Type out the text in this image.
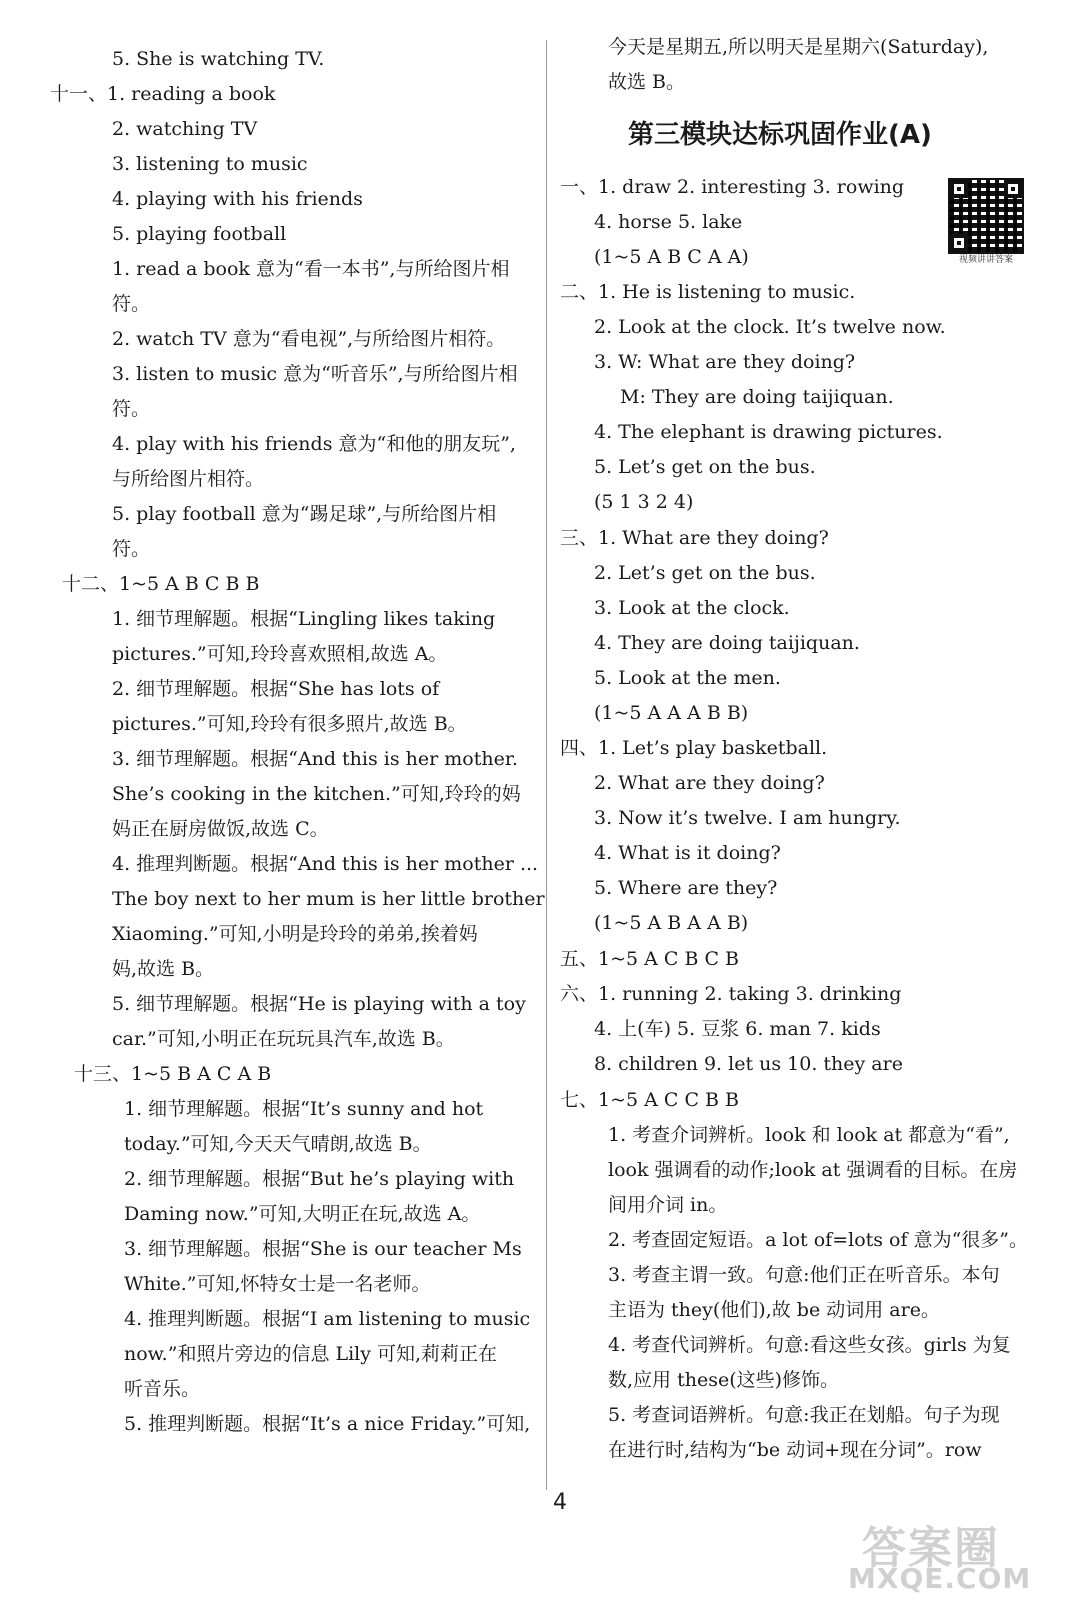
5. She is watching TV.
十一、1. reading a book
2. watching TV
3. listening to music
4. playing with his friends
5. playing football
1. read a book 意为“看一本书”,与所给图片相
符。
2. watch TV 意为“看电视”,与所给图片相符。
3. listen to music 意为“听音乐”,与所给图片相
符。
4. play with his friends 意为“和他的朋友玩”,
与所给图片相符。
5. play football 意为“踢足球”,与所给图片相
符。
十二、1~5 A B C B B
1. 细节理解题。根据“Lingling likes taking
pictures.”可知,玲玲喜欢照相,故选 A。
2. 细节理解题。根据“She has lots of
pictures.”可知,玲玲有很多照片,故选 B。
3. 细节理解题。根据“And this is her mother.
She’s cooking in the kitchen.”可知,玲玲的妈
妈正在厨房做饭,故选 C。
4. 推理判断题。根据“And this is her mother ...
The boy next to her mum is her little brother
Xiaoming.”可知,小明是玲玲的弟弟,挨着妈
妈,故选 B。
5. 细节理解题。根据“He is playing with a toy
car.”可知,小明正在玩玩具汽车,故选 B。
十三、1~5 B A C A B
1. 细节理解题。根据“It’s sunny and hot
today.”可知,今天天气晴朗,故选 B。
2. 细节理解题。根据“But he’s playing with
Daming now.”可知,大明正在玩,故选 A。
3. 细节理解题。根据“She is our teacher Ms
White.”可知,怀特女士是一名老师。
4. 推理判断题。根据“I am listening to music
now.”和照片旁边的信息 Lily 可知,莉莉正在
听音乐。
5. 推理判断题。根据“It’s a nice Friday.”可知,
今天是星期五,所以明天是星期六(Saturday),
故选 B。
第三模块达标巩固作业(A)
一、1. draw 2. interesting 3. rowing
4. horse 5. lake
(1~5 A B C A A)
二、1. He is listening to music.
2. Look at the clock. It’s twelve now.
3. W: What are they doing?
M: They are doing taijiquan.
4. The elephant is drawing pictures.
5. Let’s get on the bus.
(5 1 3 2 4)
三、1. What are they doing?
2. Let’s get on the bus.
3. Look at the clock.
4. They are doing taijiquan.
5. Look at the men.
(1~5 A A A B B)
四、1. Let’s play basketball.
2. What are they doing?
3. Now it’s twelve. I am hungry.
4. What is it doing?
5. Where are they?
(1~5 A B A A B)
五、1~5 A C B C B
六、1. running 2. taking 3. drinking
4. 上(车) 5. 豆浆 6. man 7. kids
8. children 9. let us 10. they are
七、1~5 A C C B B
1. 考查介词辨析。look 和 look at 都意为“看”,
look 强调看的动作;look at 强调看的目标。在房
间用介词 in。
2. 考查固定短语。a lot of=lots of 意为“很多”。
3. 考查主谓一致。句意:他们正在听音乐。本句
主语为 they(他们),故 be 动词用 are。
4. 考查代词辨析。句意:看这些女孩。girls 为复
数,应用 these(这些)修饰。
5. 考查词语辨析。句意:我正在划船。句子为现
在进行时,结构为“be 动词+现在分词”。row
视频讲讲答案
4
答案圈
MXQE.COM
